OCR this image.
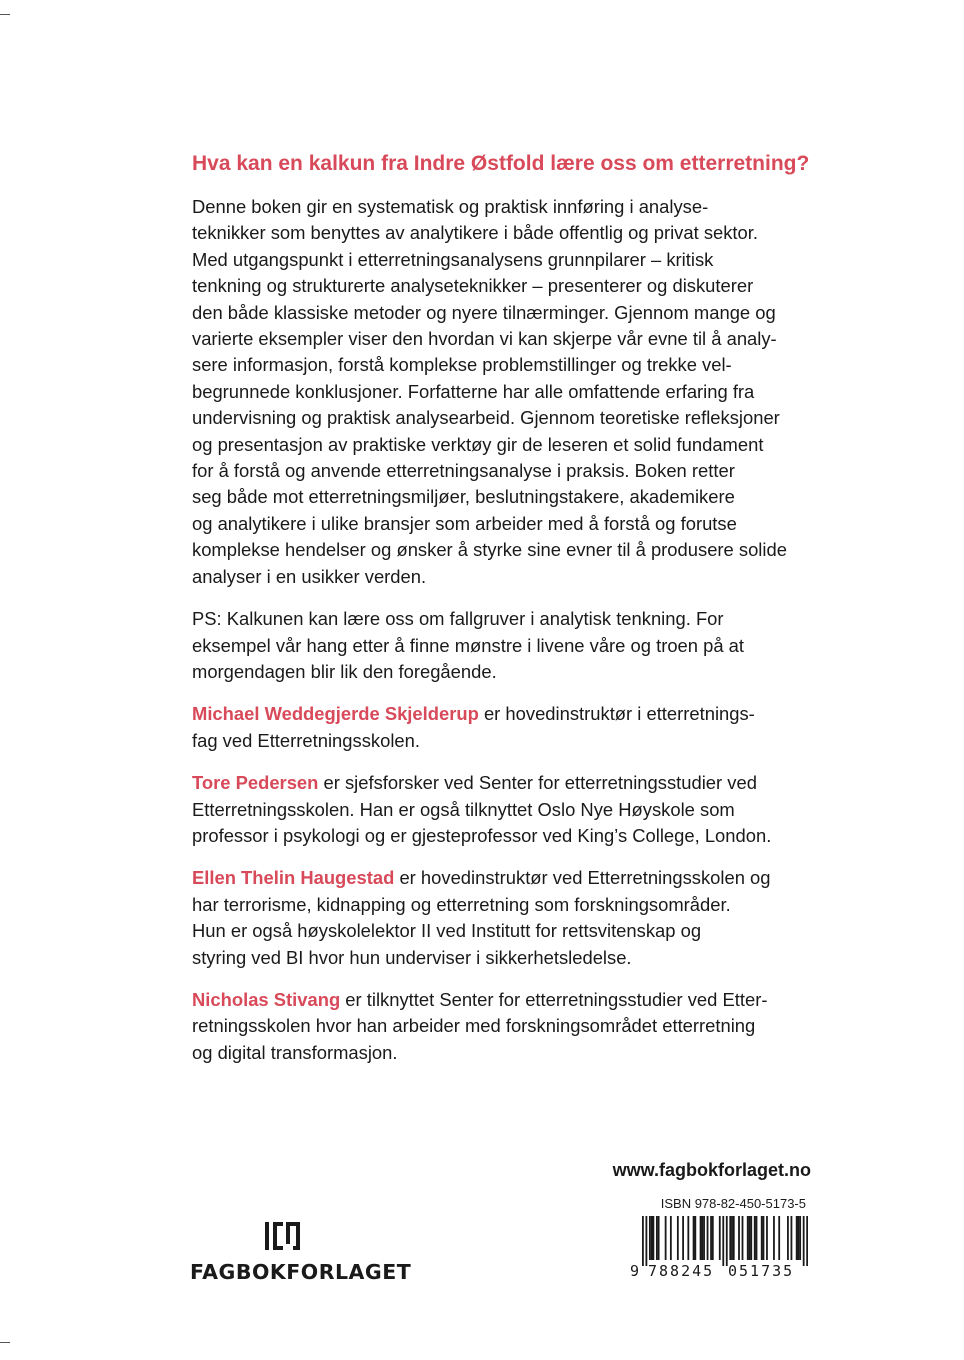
Hva kan en kalkun fra Indre Østfold lære oss om etterretning?

Denne boken gir en systematisk og praktisk innføring i analyse-
teknikker som benyttes av analytikere i både offentlig og privat sektor.
Med utgangspunkt i etterretningsanalysens grunnpilarer – kritisk
tenkning og strukturerte analyseteknikker – presenterer og diskuterer
den både klassiske metoder og nyere tilnærminger. Gjennom mange og
varierte eksempler viser den hvordan vi kan skjerpe vår evne til å analy-
sere informasjon, forstå komplekse problemstillinger og trekke vel-
begrunnede konklusjoner. Forfatterne har alle omfattende erfaring fra
undervisning og praktisk analysearbeid. Gjennom teoretiske refleksjoner
og presentasjon av praktiske verktøy gir de leseren et solid fundament
for å forstå og anvende etterretningsanalyse i praksis. Boken retter
seg både mot etterretningsmiljøer, beslutningstakere, akademikere
og analytikere i ulike bransjer som arbeider med å forstå og forutse
komplekse hendelser og ønsker å styrke sine evner til å produsere solide
analyser i en usikker verden.

PS: Kalkunen kan lære oss om fallgruver i analytisk tenkning. For
eksempel vår hang etter å finne mønstre i livene våre og troen på at
morgendagen blir lik den foregående.

Michael Weddegjerde Skjelderup er hovedinstruktør i etterretnings-
fag ved Etterretningsskolen.

Tore Pedersen er sjefsforsker ved Senter for etterretningsstudier ved
Etterretningsskolen. Han er også tilknyttet Oslo Nye Høyskole som
professor i psykologi og er gjesteprofessor ved King’s College, London.

Ellen Thelin Haugestad er hovedinstruktør ved Etterretningsskolen og
har terrorisme, kidnapping og etterretning som forskningsområder.
Hun er også høyskolelektor II ved Institutt for rettsvitenskap og
styring ved BI hvor hun underviser i sikkerhetsledelse.

Nicholas Stivang er tilknyttet Senter for etterretningsstudier ved Etter-
retningsskolen hvor han arbeider med forskningsområdet etterretning
og digital transformasjon.

www.fagbokforlaget.no
ISBN 978-82-450-5173-5
9 788245 051735
FAGBOKFORLAGET
